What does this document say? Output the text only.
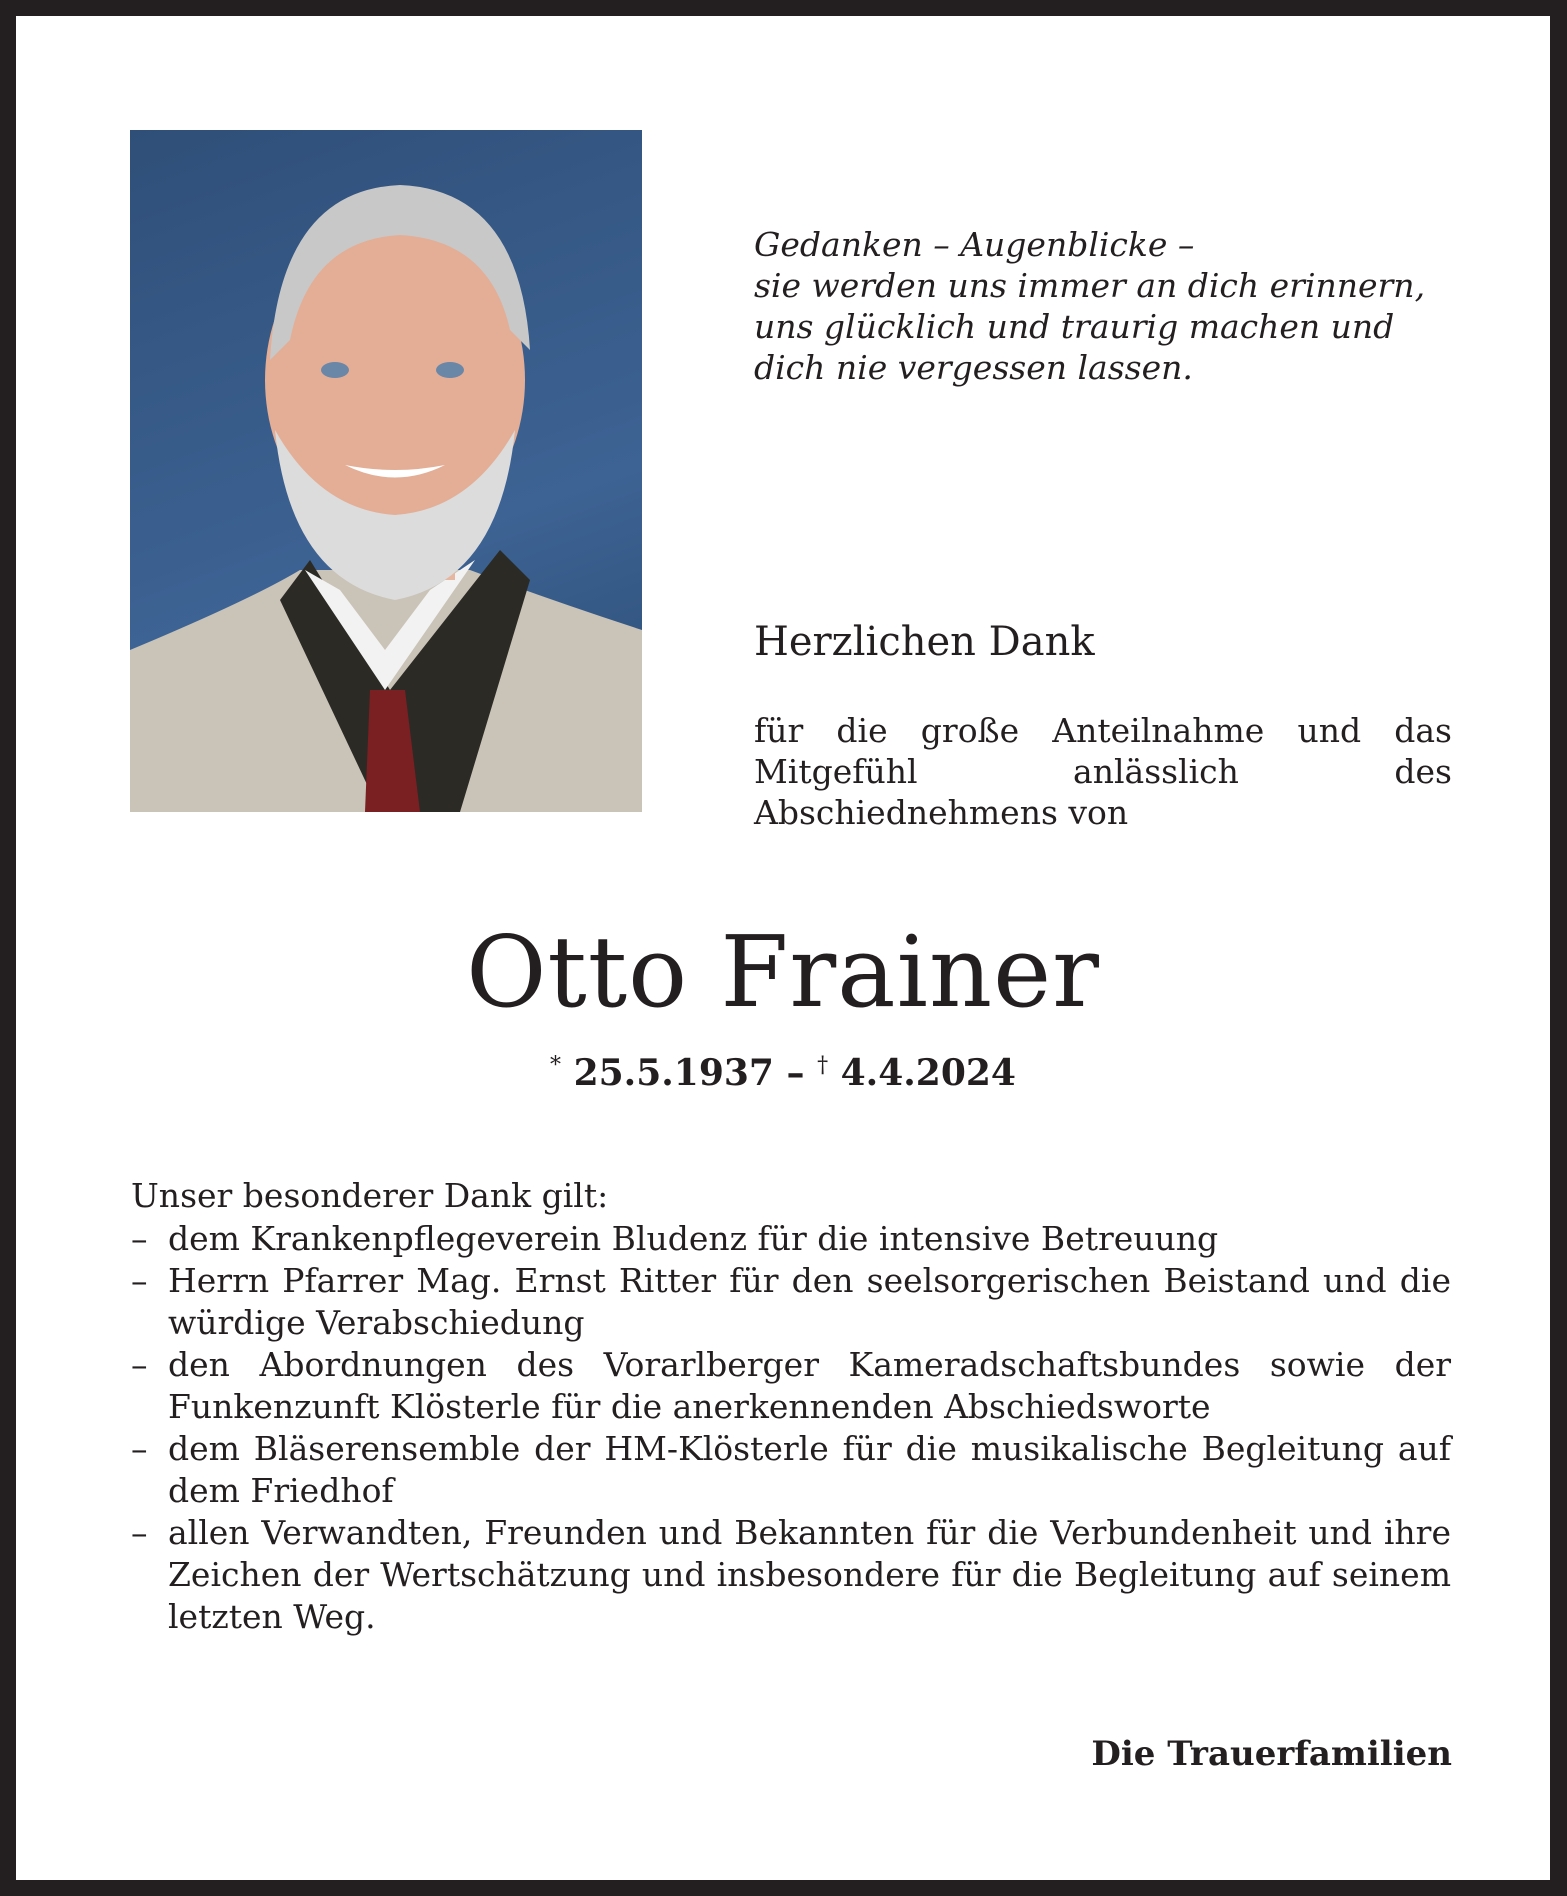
Gedanken – Augenblicke –
sie werden uns immer an dich erinnern,
uns glücklich und traurig machen und
dich nie vergessen lassen.
Herzlichen Dank
für die große Anteilnahme und das Mitgefühl anlässlich des Abschiednehmens von
Otto Frainer
* 25.5.1937 – † 4.4.2024
Unser besonderer Dank gilt:
– dem Krankenpflegeverein Bludenz für die intensive Betreuung
– Herrn Pfarrer Mag. Ernst Ritter für den seelsorgerischen Beistand und die würdige Verabschiedung
– den Abordnungen des Vorarlberger Kameradschaftsbundes sowie der Funkenzunft Klösterle für die anerkennenden Abschiedsworte
– dem Bläserensemble der HM-Klösterle für die musikalische Begleitung auf dem Friedhof
– allen Verwandten, Freunden und Bekannten für die Verbundenheit und ihre Zeichen der Wertschätzung und insbesondere für die Begleitung auf seinem letzten Weg.
Die Trauerfamilien
